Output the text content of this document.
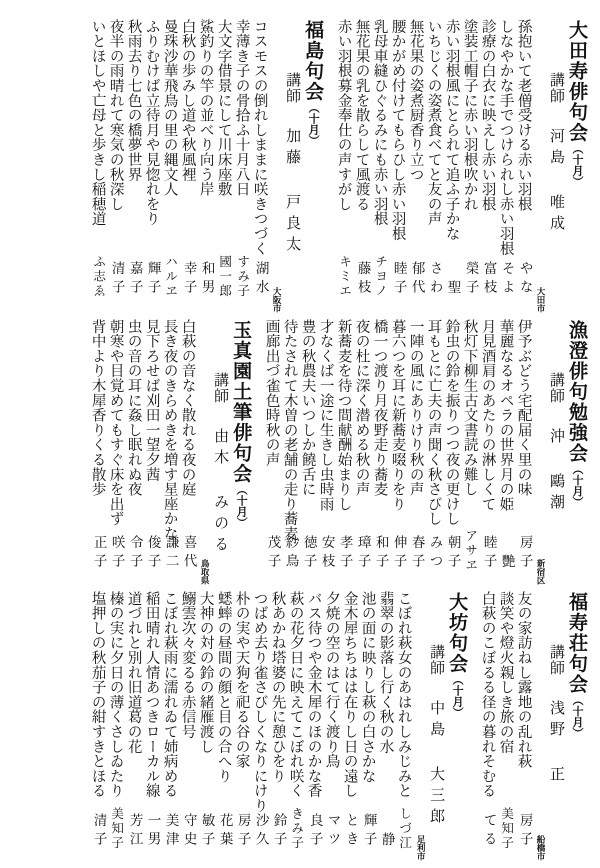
大田寿俳句会（十月）
講師　河島 唯成
大田市
孫抱いて老僧受ける赤い羽根
やな
しなやかな手でつけられし赤い羽根
そよ
診療の白衣に映えし赤い羽根
富枝
塗装工帽子に赤い羽根吹かれ
榮子
赤い羽根風にとられて追ふ子かな
聖
いちじくの姿煮食べてと友の声
さわ
無花果の姿煮厨香り立つ
郁代
腰かがめ付けてもらひし赤い羽根
睦子
乳母車縫ひぐるみにも赤い羽根
チヨノ
無花果の乳を散らして風渡る
藤枝
赤い羽根募金奉仕の声すがし
キミエ
福島句会（十月）
講師　加藤 戸良太
大阪市
コスモスの倒れしままに咲きつづく
湖水
幸薄き子の骨拾ふ十月八日
すみ子
大文字借景にして川床座敷
國一郎
鯊釣りの竿の並べり向う岸
和男
白秋の歩みし道や秋風裡
幸子
曼珠沙華飛鳥の里の縄文人
ハルヱ
ふりむけば立待月や見惚れをり
輝子
秋雨去り七色の橋夢世界
嘉子
夜半の雨晴れて寒気の秋深し
清子
いとほしや亡母と歩きし稲穂道
ふ志ゑ
漁澄俳句勉強会（十月）
講師　沖 鷗潮
新宿区
伊予ぶどう宅配届く里の味
房子
華麗なるオペラの世界月の姫
艷
月見酒肩のあたりの淋しくて
睦子
秋灯下柳生古文書読み難し
アサヱ
鈴虫の鈴を振りつつ夜の更けし
朝子
耳もとに亡夫の声聞く秋さびし
みつ
一陣の風にありけり秋の声
春子
暮六つを耳に新蕎麦啜りをり
伸子
橋一つ渡り月夜野走り蕎麦
和子
夜の杜に深く潜める秋の声
璋子
新蕎麦を待つ間献酬始まりし
孝子
才なくば一途に生きし虫時雨
安枝
豊の秋農夫いつしか饒舌に
徳子
待たされて木曽の老舗の走り蕎麦
紗鳥
画廊出づ雀色時秋の声
茂子
玉真園土筆俳句会（十月）
講師　由木 みのる
鳥取県
白萩の音なく散れる夜の庭
喜代
長き夜のきらめきを増す星座かな
謙二
見下ろせば刈田一望夕茜
俊子
虫の音の耳に姦し眠れぬ夜
令子
朝寒や目覚めてもすぐ床を出ず
咲子
背中より木犀香りくる散歩
正子
福寿荘句会（十月）
講師　浅野 正
船橋市
友の家訪ねし露地の乱れ萩
房子
談笑や燈火親しき旅の宿
美知子
白萩のこぼるる径の暮れそむる
てる
大坊句会（十月）
講師　中島 大三郎
足利市
こぼれ萩女のあはれしみじみと
しづ江
翡翠の影落し行く秋の水
静
池の面に映りし萩の白さかな
輝子
金木犀ちちはは在りし日の遠し
とき
夕焼の空のはて行く渡り鳥
マツ
バス待つや金木犀のほのかな香
良子
萩の花夕日に映えてこぼれ咲く
きみ子
秋あかね塔婆の先に憩ひをり
鈴子
つばめ去り雀さびしくなりにけり
沙久
朴の実や天狗を祀る谷の家
房子
蟋蟀の昼間の顔と目の合へり
花葉
大神の対の鈴の緒雁渡し
敏子
鰯雲次々変るる赤信号
守史
こぼれ萩雨に濡れゐて姉病める
美津
稲田晴れ人情あつきローカル線
一男
道づれと別れ旧道葛の花
芳江
榛の実に夕日の薄くさしゐたり
美知子
塩押しの秋茄子の紺すきとほる
清子
